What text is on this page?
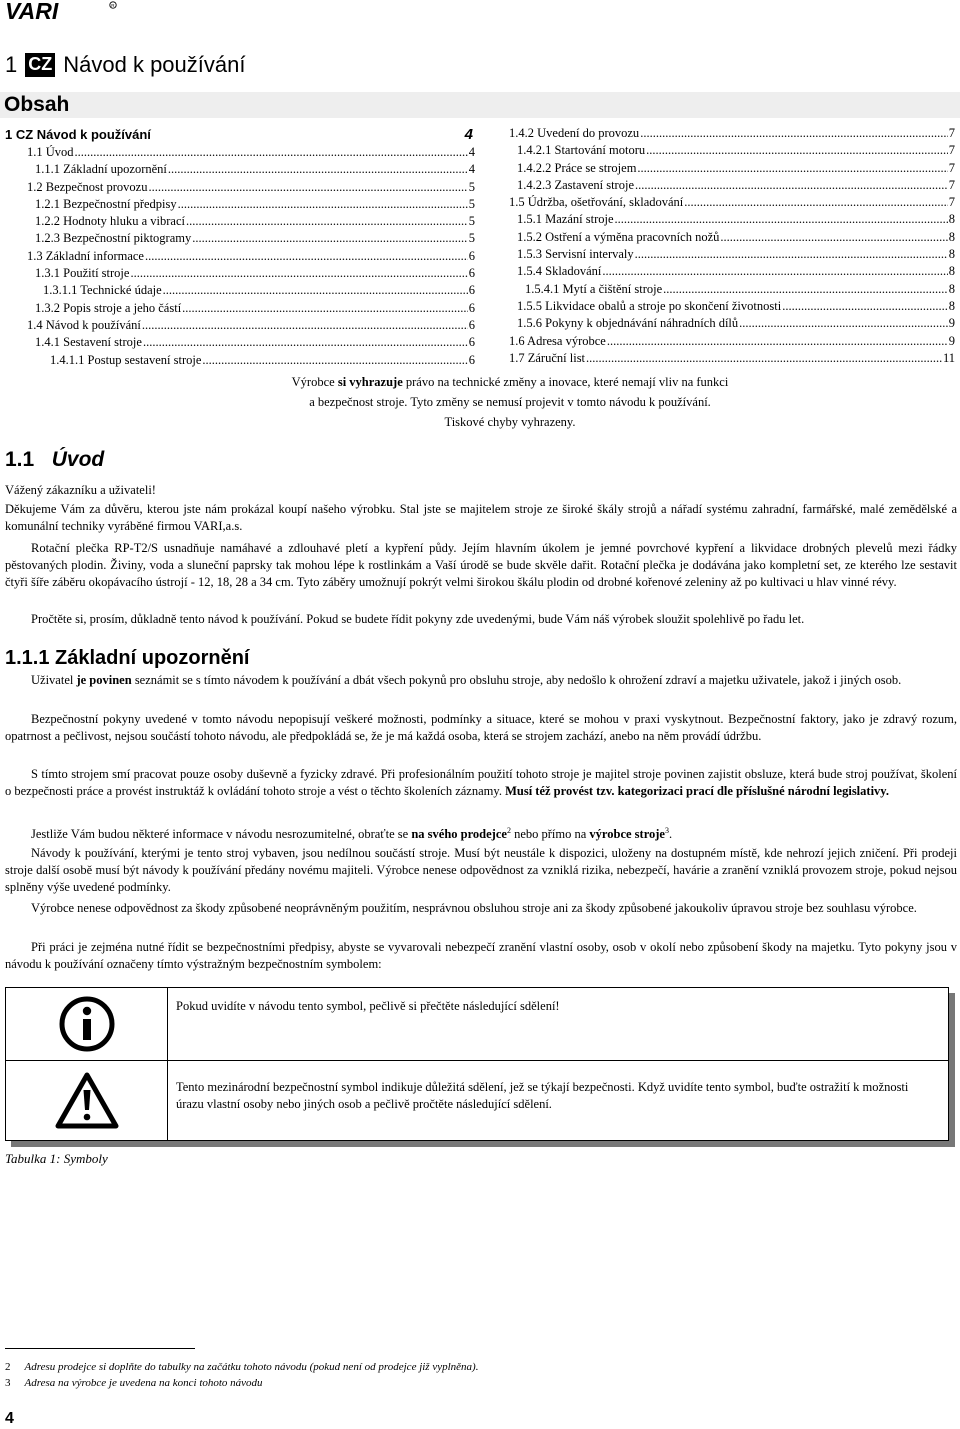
VARI	R
1 CZ Návod k používání
Obsah
1 CZ Návod k používání	4
1.1 Úvod .....	4
1.1.1 Základní upozornění .....	4
1.2 Bezpečnost provozu .....	5
1.2.1 Bezpečnostní předpisy .....	5
1.2.2 Hodnoty hluku a vibrací .....	5
1.2.3 Bezpečnostní piktogramy .....	5
1.3 Základní informace .....	6
1.3.1 Použití stroje .....	6
1.3.1.1 Technické údaje .....	6
1.3.2 Popis stroje a jeho částí .....	6
1.4 Návod k používání .....	6
1.4.1 Sestavení stroje .....	6
1.4.1.1 Postup sestavení stroje .....	6
1.4.2 Uvedení do provozu .....	7
1.4.2.1 Startování motoru .....	7
1.4.2.2 Práce se strojem .....	7
1.4.2.3 Zastavení stroje .....	7
1.5 Údržba, ošetřování, skladování .....	7
1.5.1 Mazání stroje .....	8
1.5.2 Ostření a výměna pracovních nožů .....	8
1.5.3 Servisní intervaly .....	8
1.5.4 Skladování .....	8
1.5.4.1 Mytí a čištění stroje .....	8
1.5.5 Likvidace obalů a stroje po skončení životnosti .....	8
1.5.6 Pokyny k objednávání náhradních dílů .....	9
1.6 Adresa výrobce .....	9
1.7 Záruční list .....	11
Výrobce si vyhrazuje právo na technické změny a inovace, které nemají vliv na funkci
a bezpečnost stroje. Tyto změny se nemusí projevit v tomto návodu k používání.
Tiskové chyby vyhrazeny.
1.1 Úvod
Vážený zákazníku a uživateli!
Děkujeme Vám za důvěru, kterou jste nám prokázal koupí našeho výrobku. Stal jste se majitelem stroje ze široké škály strojů a nářadí systému zahradní, farmářské, malé zemědělské a komunální techniky vyráběné firmou VARI,a.s.
Rotační plečka RP-T2/S usnadňuje namáhavé a zdlouhavé pletí a kypření půdy. Jejím hlavním úkolem je jemné povrchové kypření a likvidace drobných plevelů mezi řádky pěstovaných plodin. Živiny, voda a sluneční paprsky tak mohou lépe k rostlinkám a Vaší úrodě se bude skvěle dařit. Rotační plečka je dodávána jako kompletní set, ze kterého lze sestavit čtyři šíře záběru okopávacího ústrojí - 12, 18, 28 a 34 cm. Tyto záběry umožnují pokrýt velmi širokou škálu plodin od drobné kořenové zeleniny až po kultivaci u hlav vinné révy.
Pročtěte si, prosím, důkladně tento návod k používání. Pokud se budete řídit pokyny zde uvedenými, bude Vám náš výrobek sloužit spolehlivě po řadu let.
1.1.1 Základní upozornění
Uživatel je povinen seznámit se s tímto návodem k používání a dbát všech pokynů pro obsluhu stroje, aby nedošlo k ohrožení zdraví a majetku uživatele, jakož i jiných osob.
Bezpečnostní pokyny uvedené v tomto návodu nepopisují veškeré možnosti, podmínky a situace, které se mohou v praxi vyskytnout. Bezpečnostní faktory, jako je zdravý rozum, opatrnost a pečlivost, nejsou součástí tohoto návodu, ale předpokládá se, že je má každá osoba, která se strojem zachází, anebo na něm provádí údržbu.
S tímto strojem smí pracovat pouze osoby duševně a fyzicky zdravé. Při profesionálním použití tohoto stroje je majitel stroje povinen zajistit obsluze, která bude stroj používat, školení o bezpečnosti práce a provést instruktáž k ovládání tohoto stroje a vést o těchto školeních záznamy. Musí též provést tzv. kategorizaci prací dle příslušné národní legislativy.
Jestliže Vám budou některé informace v návodu nesrozumitelné, obraťte se na svého prodejce$^2$ nebo přímo na výrobce stroje$^3$.
Návody k používání, kterými je tento stroj vybaven, jsou nedílnou součástí stroje. Musí být neustále k dispozici, uloženy na dostupném místě, kde nehrozí jejich zničení. Při prodeji stroje další osobě musí být návody k používání předány novému majiteli. Výrobce nenese odpovědnost za vzniklá rizika, nebezpečí, havárie a zranění vzniklá provozem stroje, pokud nejsou splněny výše uvedené podmínky.
Výrobce nenese odpovědnost za škody způsobené neoprávněným použitím, nesprávnou obsluhou stroje ani za škody způsobené jakoukoliv úpravou stroje bez souhlasu výrobce.
Při práci je zejména nutné řídit se bezpečnostními předpisy, abyste se vyvarovali nebezpečí zranění vlastní osoby, osob v okolí nebo způsobení škody na majetku. Tyto pokyny jsou v návodu k používání označeny tímto výstražným bezpečnostním symbolem:
Pokud uvidíte v návodu tento symbol, pečlivě si přečtěte následující sdělení!
Tento mezinárodní bezpečnostní symbol indikuje důležitá sdělení, jež se týkají bezpečnosti. Když uvidíte tento symbol, buďte ostražití k možnosti úrazu vlastní osoby nebo jiných osob a pečlivě pročtěte následující sdělení.
Tabulka 1: Symboly
2 Adresu prodejce si doplňte do tabulky na začátku tohoto návodu (pokud není od prodejce již vyplněna).
3 Adresa na výrobce je uvedena na konci tohoto návodu
4
